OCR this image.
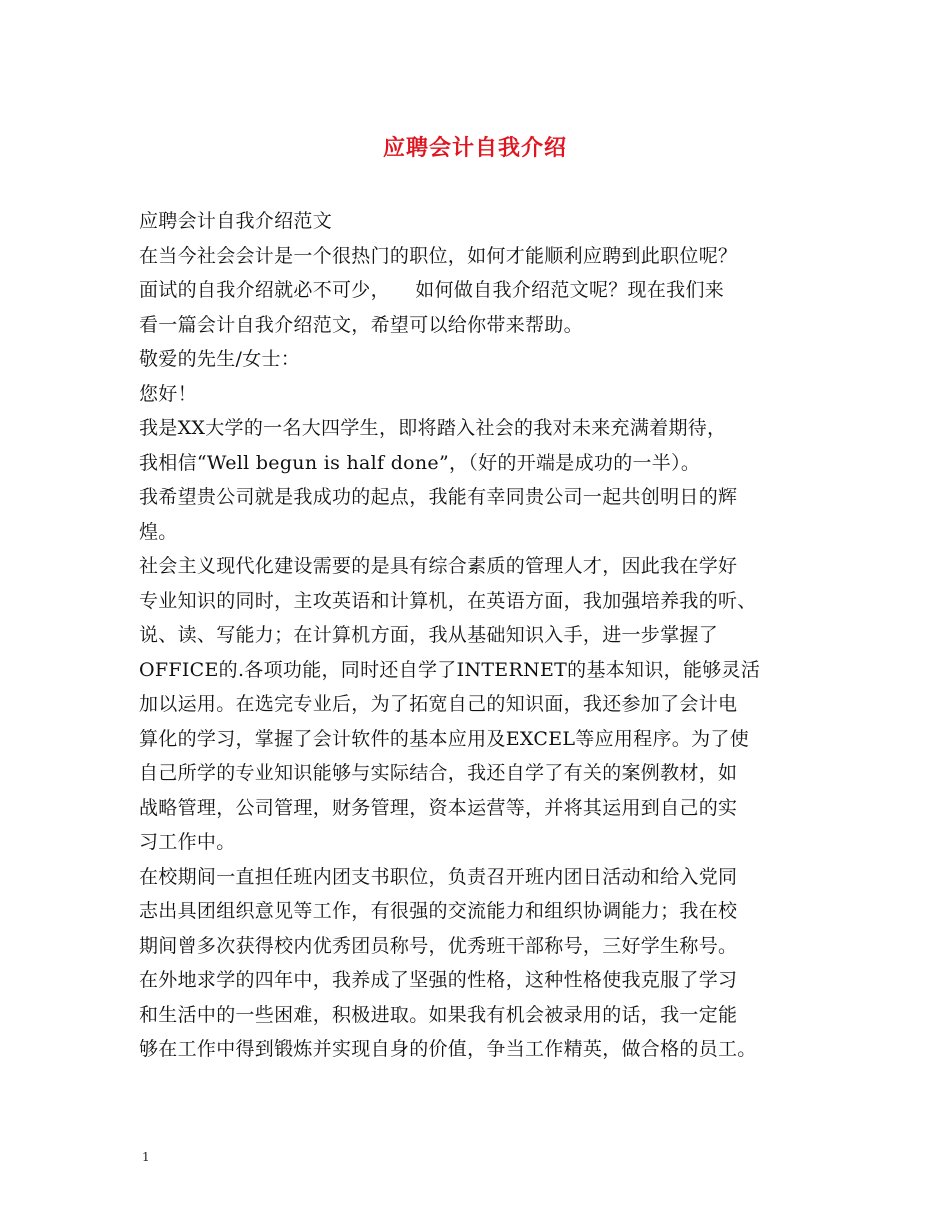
应聘会计自我介绍
应聘会计自我介绍范文
在当今社会会计是一个很热门的职位，如何才能顺利应聘到此职位呢？
面试的自我介绍就必不可少，    如何做自我介绍范文呢？现在我们来
看一篇会计自我介绍范文，希望可以给你带来帮助。
敬爱的先生/女士：
您好！
我是XX大学的一名大四学生，即将踏入社会的我对未来充满着期待，
我相信“Well begun is half done”，（好的开端是成功的一半）。
我希望贵公司就是我成功的起点，我能有幸同贵公司一起共创明日的辉
煌。
社会主义现代化建设需要的是具有综合素质的管理人才，因此我在学好
专业知识的同时，主攻英语和计算机，在英语方面，我加强培养我的听、
说、读、写能力；在计算机方面，我从基础知识入手，进一步掌握了
OFFICE的.各项功能，同时还自学了INTERNET的基本知识，能够灵活
加以运用。在选完专业后，为了拓宽自己的知识面，我还参加了会计电
算化的学习，掌握了会计软件的基本应用及EXCEL等应用程序。为了使
自己所学的专业知识能够与实际结合，我还自学了有关的案例教材，如
战略管理，公司管理，财务管理，资本运营等，并将其运用到自己的实
习工作中。
在校期间一直担任班内团支书职位，负责召开班内团日活动和给入党同
志出具团组织意见等工作，有很强的交流能力和组织协调能力；我在校
期间曾多次获得校内优秀团员称号，优秀班干部称号，三好学生称号。
在外地求学的四年中，我养成了坚强的性格，这种性格使我克服了学习
和生活中的一些困难，积极进取。如果我有机会被录用的话，我一定能
够在工作中得到锻炼并实现自身的价值，争当工作精英，做合格的员工。
1
